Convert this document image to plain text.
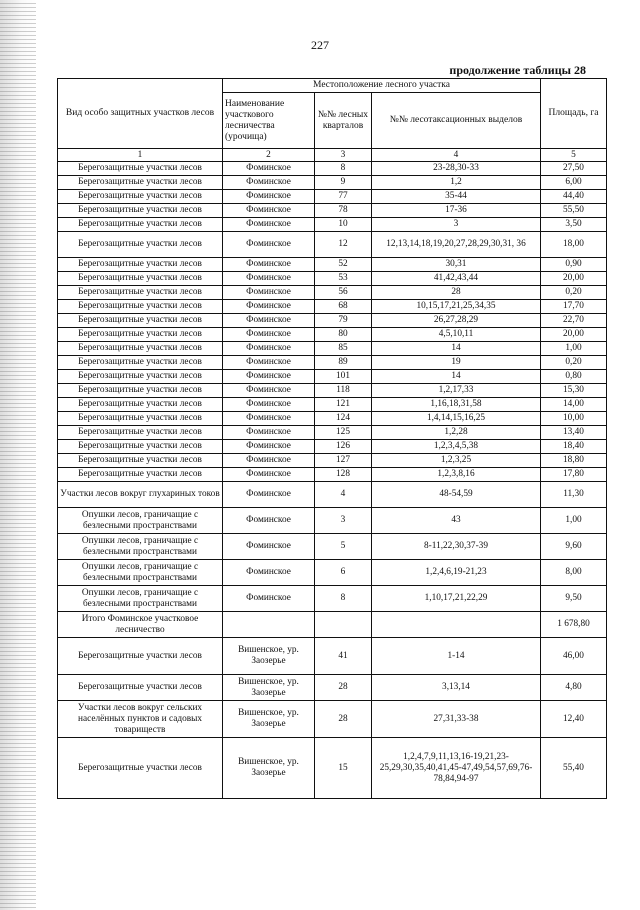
227
продолжение таблицы 28
Вид особо защитных участков лесов	Местоположение лесного участка			Площадь, га
	Наименование участкового лесничества (урочища)	№№ лесных кварталов	№№ лесотаксационных выделов	
1	2	3	4	5
Берегозащитные участки лесов	Фоминское	8	23-28,30-33	27,50
Берегозащитные участки лесов	Фоминское	9	1,2	6,00
Берегозащитные участки лесов	Фоминское	77	35-44	44,40
Берегозащитные участки лесов	Фоминское	78	17-36	55,50
Берегозащитные участки лесов	Фоминское	10	3	3,50
Берегозащитные участки лесов	Фоминское	12	12,13,14,18,19,20,27,28,29,30,31, 36	18,00
Берегозащитные участки лесов	Фоминское	52	30,31	0,90
Берегозащитные участки лесов	Фоминское	53	41,42,43,44	20,00
Берегозащитные участки лесов	Фоминское	56	28	0,20
Берегозащитные участки лесов	Фоминское	68	10,15,17,21,25,34,35	17,70
Берегозащитные участки лесов	Фоминское	79	26,27,28,29	22,70
Берегозащитные участки лесов	Фоминское	80	4,5,10,11	20,00
Берегозащитные участки лесов	Фоминское	85	14	1,00
Берегозащитные участки лесов	Фоминское	89	19	0,20
Берегозащитные участки лесов	Фоминское	101	14	0,80
Берегозащитные участки лесов	Фоминское	118	1,2,17,33	15,30
Берегозащитные участки лесов	Фоминское	121	1,16,18,31,58	14,00
Берегозащитные участки лесов	Фоминское	124	1,4,14,15,16,25	10,00
Берегозащитные участки лесов	Фоминское	125	1,2,28	13,40
Берегозащитные участки лесов	Фоминское	126	1,2,3,4,5,38	18,40
Берегозащитные участки лесов	Фоминское	127	1,2,3,25	18,80
Берегозащитные участки лесов	Фоминское	128	1,2,3,8,16	17,80
Участки лесов вокруг глухариных токов	Фоминское	4	48-54,59	11,30
Опушки лесов, граничащие с безлесными пространствами	Фоминское	3	43	1,00
Опушки лесов, граничащие с безлесными пространствами	Фоминское	5	8-11,22,30,37-39	9,60
Опушки лесов, граничащие с безлесными пространствами	Фоминское	6	1,2,4,6,19-21,23	8,00
Опушки лесов, граничащие с безлесными пространствами	Фоминское	8	1,10,17,21,22,29	9,50
Итого Фоминское участковое лесничество				1 678,80
Берегозащитные участки лесов	Вишенское, ур. Заозерье	41	1-14	46,00
Берегозащитные участки лесов	Вишенское, ур. Заозерье	28	3,13,14	4,80
Участки лесов вокруг сельских населённых пунктов и садовых товариществ	Вишенское, ур. Заозерье	28	27,31,33-38	12,40
Берегозащитные участки лесов	Вишенское, ур. Заозерье	15	1,2,4,7,9,11,13,16-19,21,23-25,29,30,35,40,41,45-47,49,54,57,69,76-78,84,94-97	55,40
